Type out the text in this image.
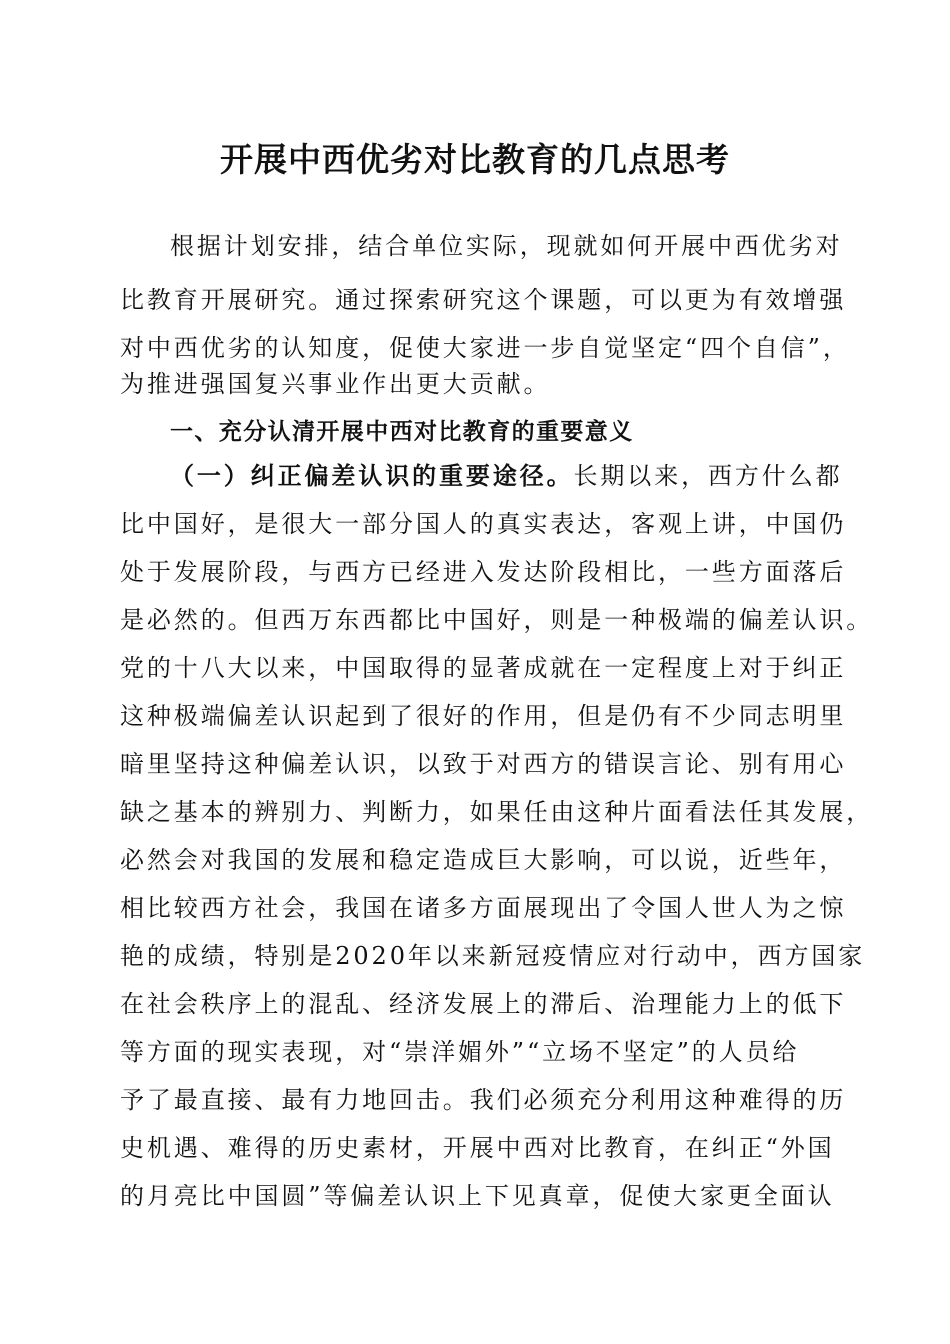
开展中西优劣对比教育的几点思考
根据计划安排，结合单位实际，现就如何开展中西优劣对
比教育开展研究。通过探索研究这个课题，可以更为有效增强
对中西优劣的认知度，促使大家进一步自觉坚定“四个自信”，
为推进强国复兴事业作出更大贡献。
一、充分认清开展中西对比教育的重要意义
（一）纠正偏差认识的重要途径。长期以来，西方什么都
比中国好，是很大一部分国人的真实表达，客观上讲，中国仍
处于发展阶段，与西方已经进入发达阶段相比，一些方面落后
是必然的。但西万东西都比中国好，则是一种极端的偏差认识。
党的十八大以来，中国取得的显著成就在一定程度上对于纠正
这种极端偏差认识起到了很好的作用，但是仍有不少同志明里
暗里坚持这种偏差认识，以致于对西方的错误言论、别有用心
缺之基本的辨别力、判断力，如果任由这种片面看法任其发展，
必然会对我国的发展和稳定造成巨大影响，可以说，近些年，
相比较西方社会，我国在诸多方面展现出了令国人世人为之惊
艳的成绩，特别是2020年以来新冠疫情应对行动中，西方国家
在社会秩序上的混乱、经济发展上的滞后、治理能力上的低下
等方面的现实表现，对“崇洋媚外”“立场不坚定”的人员给
予了最直接、最有力地回击。我们必须充分利用这种难得的历
史机遇、难得的历史素材，开展中西对比教育，在纠正“外国
的月亮比中国圆”等偏差认识上下见真章，促使大家更全面认
